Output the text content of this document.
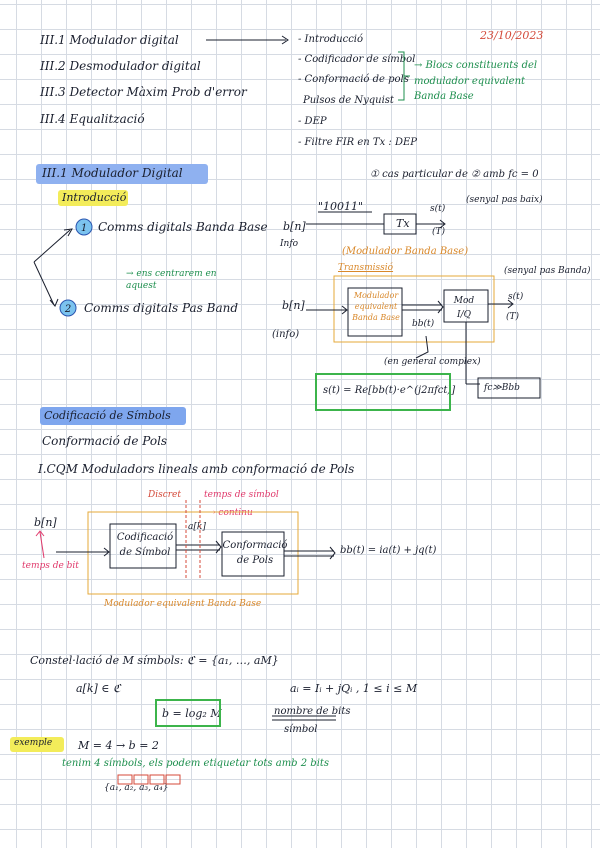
23/10/2023
III.1 Modulador digital
III.2 Desmodulador digital
III.3 Detector Màxim Prob d'error
III.4 Equalització
- Introducció
- Codificador de símbol
- Conformació de pols
Pulsos de Nyquist
- DEP
- Filtre FIR en Tx : DEP
→ Blocs constituents del modulador equivalent Banda Base
III.1 Modulador Digital
Introducció
① cas particular de ② amb fc = 0
(senyal pas baix)
Comms digitals Banda Base
Comms digitals Pas Band
→ ens centrarem en aquest
b[n]
Info
"10011"
Tx
s(t)
(T)
(Modulador Banda Base)
Transmissió	(senyal pas Banda)
b[n]
(info)
Modulador equivalent Banda Base
bb(t)
Mod I/Q
s(t)
(T)
(en general complex)
fc≫Bbb
s(t) = Re[bb(t)·e^(j2πfct)]
Codificació de Símbols
Conformació de Pols
I.CQM Moduladors lineals amb conformació de Pols
Discret	temps de símbol
→ continu
b[n]
temps de bit
Codificació de Símbol
a[k]
Conformació de Pols
bb(t) = ia(t) + jq(t)
Modulador equivalent Banda Base
Constel·lació de M símbols: ℭ = {a₁, …, aM}
a[k] ∈ ℭ	aᵢ = Iᵢ + jQᵢ , 1 ≤ i ≤ M
b = log₂ M	nombre de bits
símbol
exemple M = 4 → b = 2
tenim 4 símbols, els podem etiquetar tots amb 2 bits
{a₁, a₂, a₃, a₄}
1
2
